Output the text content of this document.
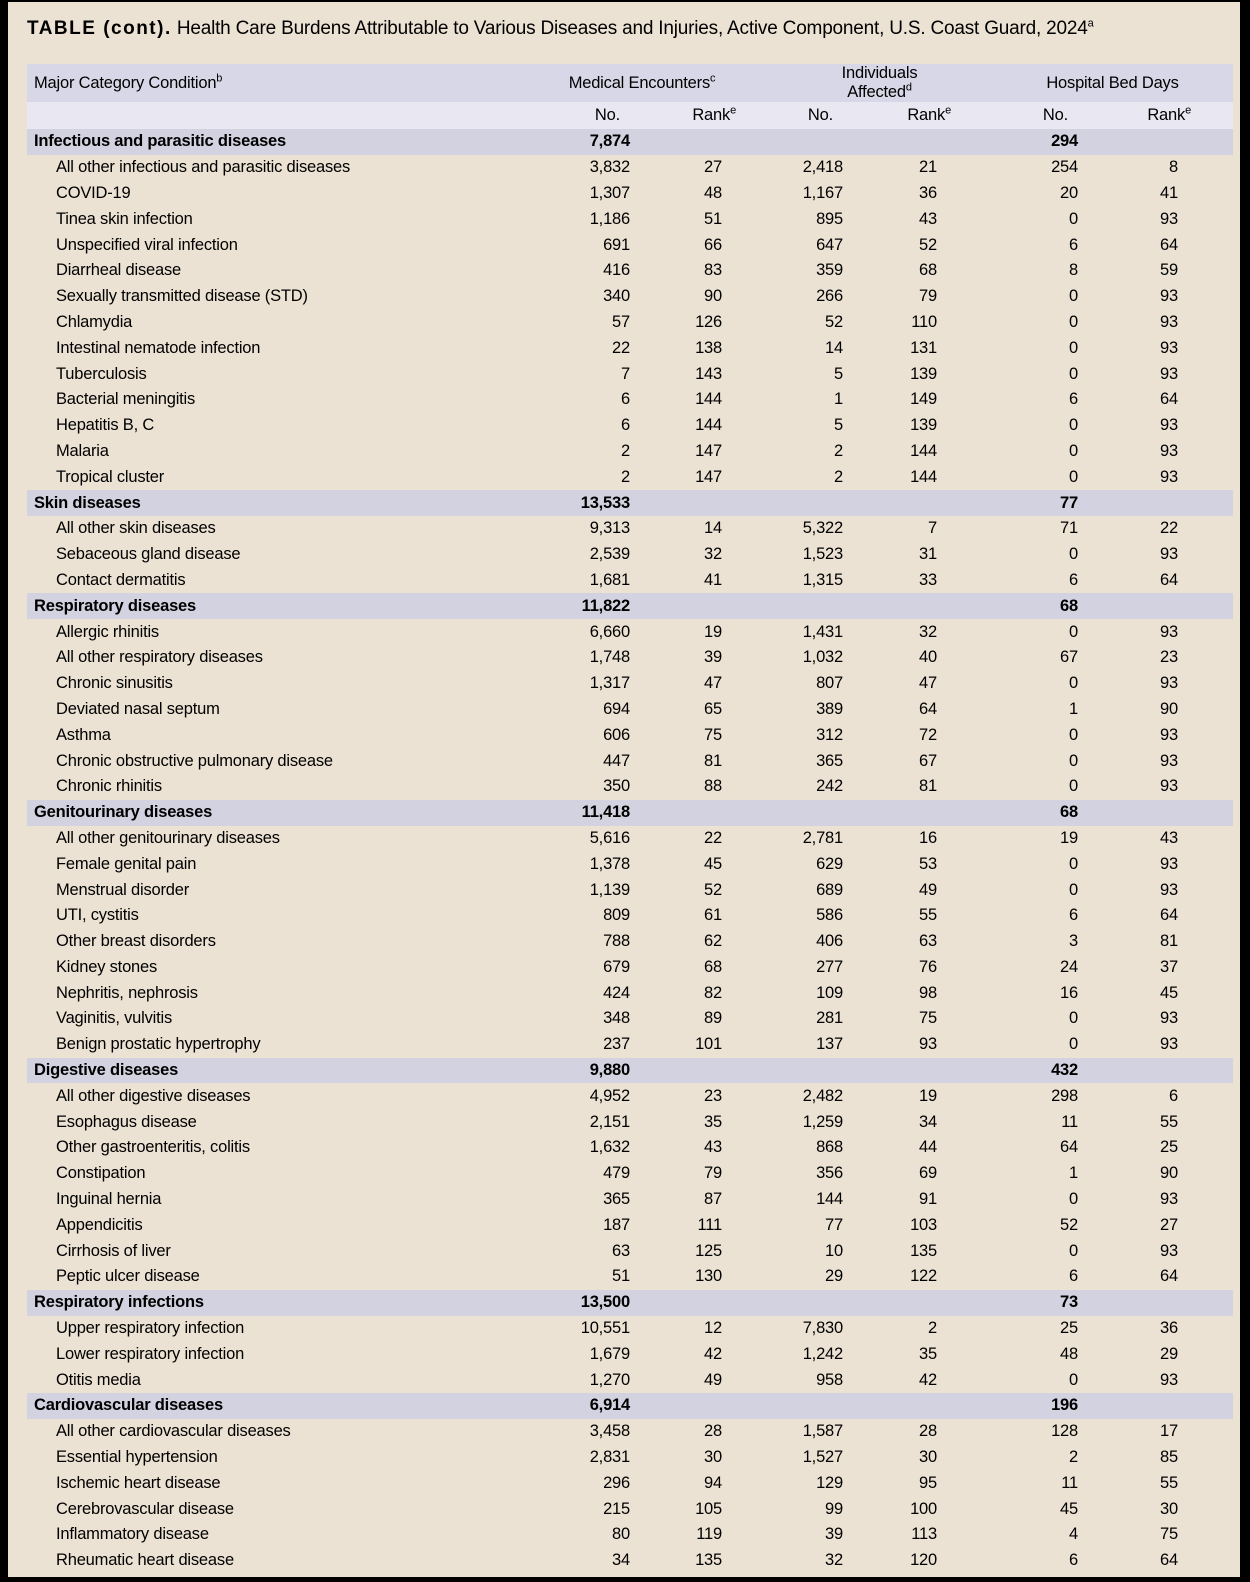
TABLE (cont). Health Care Burdens Attributable to Various Diseases and Injuries, Active Component, U.S. Coast Guard, 2024$^a$
Major Category Condition$^b$	Medical Encounters$^c$		Individuals Affected$^d$		Hospital Bed Days	
	No.	Rank$^e$	No.	Rank$^e$	No.	Rank$^e$
Infectious and parasitic diseases	7,874				294	
All other infectious and parasitic diseases	3,832	27	2,418	21	254	8
COVID-19	1,307	48	1,167	36	20	41
Tinea skin infection	1,186	51	895	43	0	93
Unspecified viral infection	691	66	647	52	6	64
Diarrheal disease	416	83	359	68	8	59
Sexually transmitted disease (STD)	340	90	266	79	0	93
Chlamydia	57	126	52	110	0	93
Intestinal nematode infection	22	138	14	131	0	93
Tuberculosis	7	143	5	139	0	93
Bacterial meningitis	6	144	1	149	6	64
Hepatitis B, C	6	144	5	139	0	93
Malaria	2	147	2	144	0	93
Tropical cluster	2	147	2	144	0	93
Skin diseases	13,533				77	
All other skin diseases	9,313	14	5,322	7	71	22
Sebaceous gland disease	2,539	32	1,523	31	0	93
Contact dermatitis	1,681	41	1,315	33	6	64
Respiratory diseases	11,822				68	
Allergic rhinitis	6,660	19	1,431	32	0	93
All other respiratory diseases	1,748	39	1,032	40	67	23
Chronic sinusitis	1,317	47	807	47	0	93
Deviated nasal septum	694	65	389	64	1	90
Asthma	606	75	312	72	0	93
Chronic obstructive pulmonary disease	447	81	365	67	0	93
Chronic rhinitis	350	88	242	81	0	93
Genitourinary diseases	11,418				68	
All other genitourinary diseases	5,616	22	2,781	16	19	43
Female genital pain	1,378	45	629	53	0	93
Menstrual disorder	1,139	52	689	49	0	93
UTI, cystitis	809	61	586	55	6	64
Other breast disorders	788	62	406	63	3	81
Kidney stones	679	68	277	76	24	37
Nephritis, nephrosis	424	82	109	98	16	45
Vaginitis, vulvitis	348	89	281	75	0	93
Benign prostatic hypertrophy	237	101	137	93	0	93
Digestive diseases	9,880				432	
All other digestive diseases	4,952	23	2,482	19	298	6
Esophagus disease	2,151	35	1,259	34	11	55
Other gastroenteritis, colitis	1,632	43	868	44	64	25
Constipation	479	79	356	69	1	90
Inguinal hernia	365	87	144	91	0	93
Appendicitis	187	111	77	103	52	27
Cirrhosis of liver	63	125	10	135	0	93
Peptic ulcer disease	51	130	29	122	6	64
Respiratory infections	13,500				73	
Upper respiratory infection	10,551	12	7,830	2	25	36
Lower respiratory infection	1,679	42	1,242	35	48	29
Otitis media	1,270	49	958	42	0	93
Cardiovascular diseases	6,914				196	
All other cardiovascular diseases	3,458	28	1,587	28	128	17
Essential hypertension	2,831	30	1,527	30	2	85
Ischemic heart disease	296	94	129	95	11	55
Cerebrovascular disease	215	105	99	100	45	30
Inflammatory disease	80	119	39	113	4	75
Rheumatic heart disease	34	135	32	120	6	64
